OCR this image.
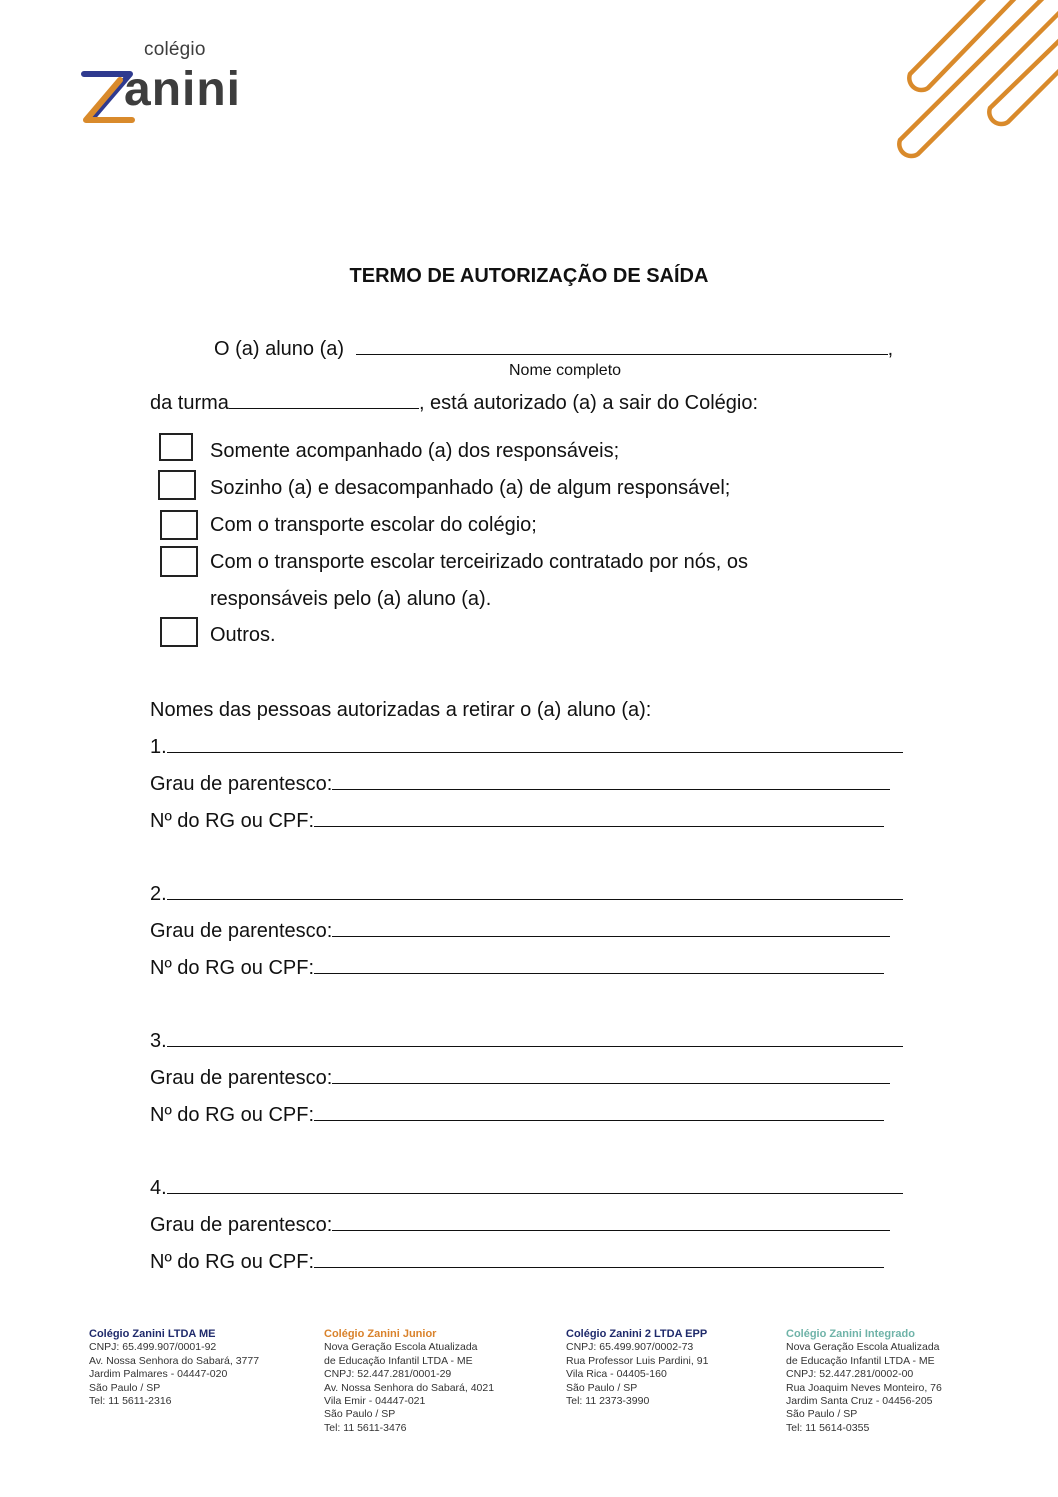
colégio
anini
TERMO DE AUTORIZAÇÃO DE SAÍDA
O (a) aluno (a)	,
Nome completo
da turma	, está autorizado (a) a sair do Colégio:
Somente acompanhado (a) dos responsáveis;
Sozinho (a) e desacompanhado (a) de algum responsável;
Com o transporte escolar do colégio;
Com o transporte escolar terceirizado contratado por nós, os
responsáveis pelo (a) aluno (a).
Outros.
Nomes das pessoas autorizadas a retirar o (a) aluno (a):
1.
Grau de parentesco:
Nº do RG ou CPF:
2.
Grau de parentesco:
Nº do RG ou CPF:
3.
Grau de parentesco:
Nº do RG ou CPF:
4.
Grau de parentesco:
Nº do RG ou CPF:
Colégio Zanini LTDA ME
CNPJ: 65.499.907/0001-92
Av. Nossa Senhora do Sabará, 3777
Jardim Palmares - 04447-020
São Paulo / SP
Tel: 11 5611-2316
Colégio Zanini Junior
Nova Geração Escola Atualizada
de Educação Infantil LTDA - ME
CNPJ: 52.447.281/0001-29
Av. Nossa Senhora do Sabará, 4021
Vila Emir - 04447-021
São Paulo / SP
Tel: 11 5611-3476
Colégio Zanini 2 LTDA EPP
CNPJ: 65.499.907/0002-73
Rua Professor Luis Pardini, 91
Vila Rica - 04405-160
São Paulo / SP
Tel: 11 2373-3990
Colégio Zanini Integrado
Nova Geração Escola Atualizada
de Educação Infantil LTDA - ME
CNPJ: 52.447.281/0002-00
Rua Joaquim Neves Monteiro, 76
Jardim Santa Cruz - 04456-205
São Paulo / SP
Tel: 11 5614-0355
